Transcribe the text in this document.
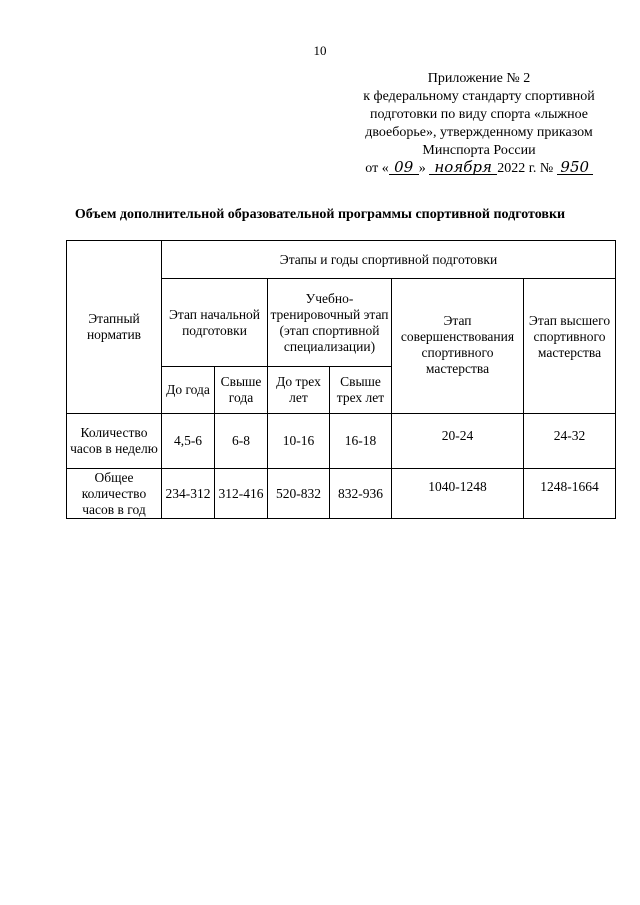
10
Приложение № 2
к федеральному стандарту спортивной
подготовки по виду спорта «лыжное
двоеборье», утвержденному приказом
Минспорта России
от « 09 » ноября 2022 г. № 950
Объем дополнительной образовательной программы спортивной подготовки
Этапный норматив	Этапы и годы спортивной подготовки					
	Этап начальной подготовки		Учебно-тренировочный этап (этап спортивной специализации)		Этап совершенствования спортивного мастерства	Этап высшего спортивного мастерства
	До года	Свыше года	До трех лет	Свыше трех лет		
Количество часов в неделю	4,5-6	6-8	10-16	16-18	20-24	24-32
Общее количество часов в год	234-312	312-416	520-832	832-936	1040-1248	1248-1664
